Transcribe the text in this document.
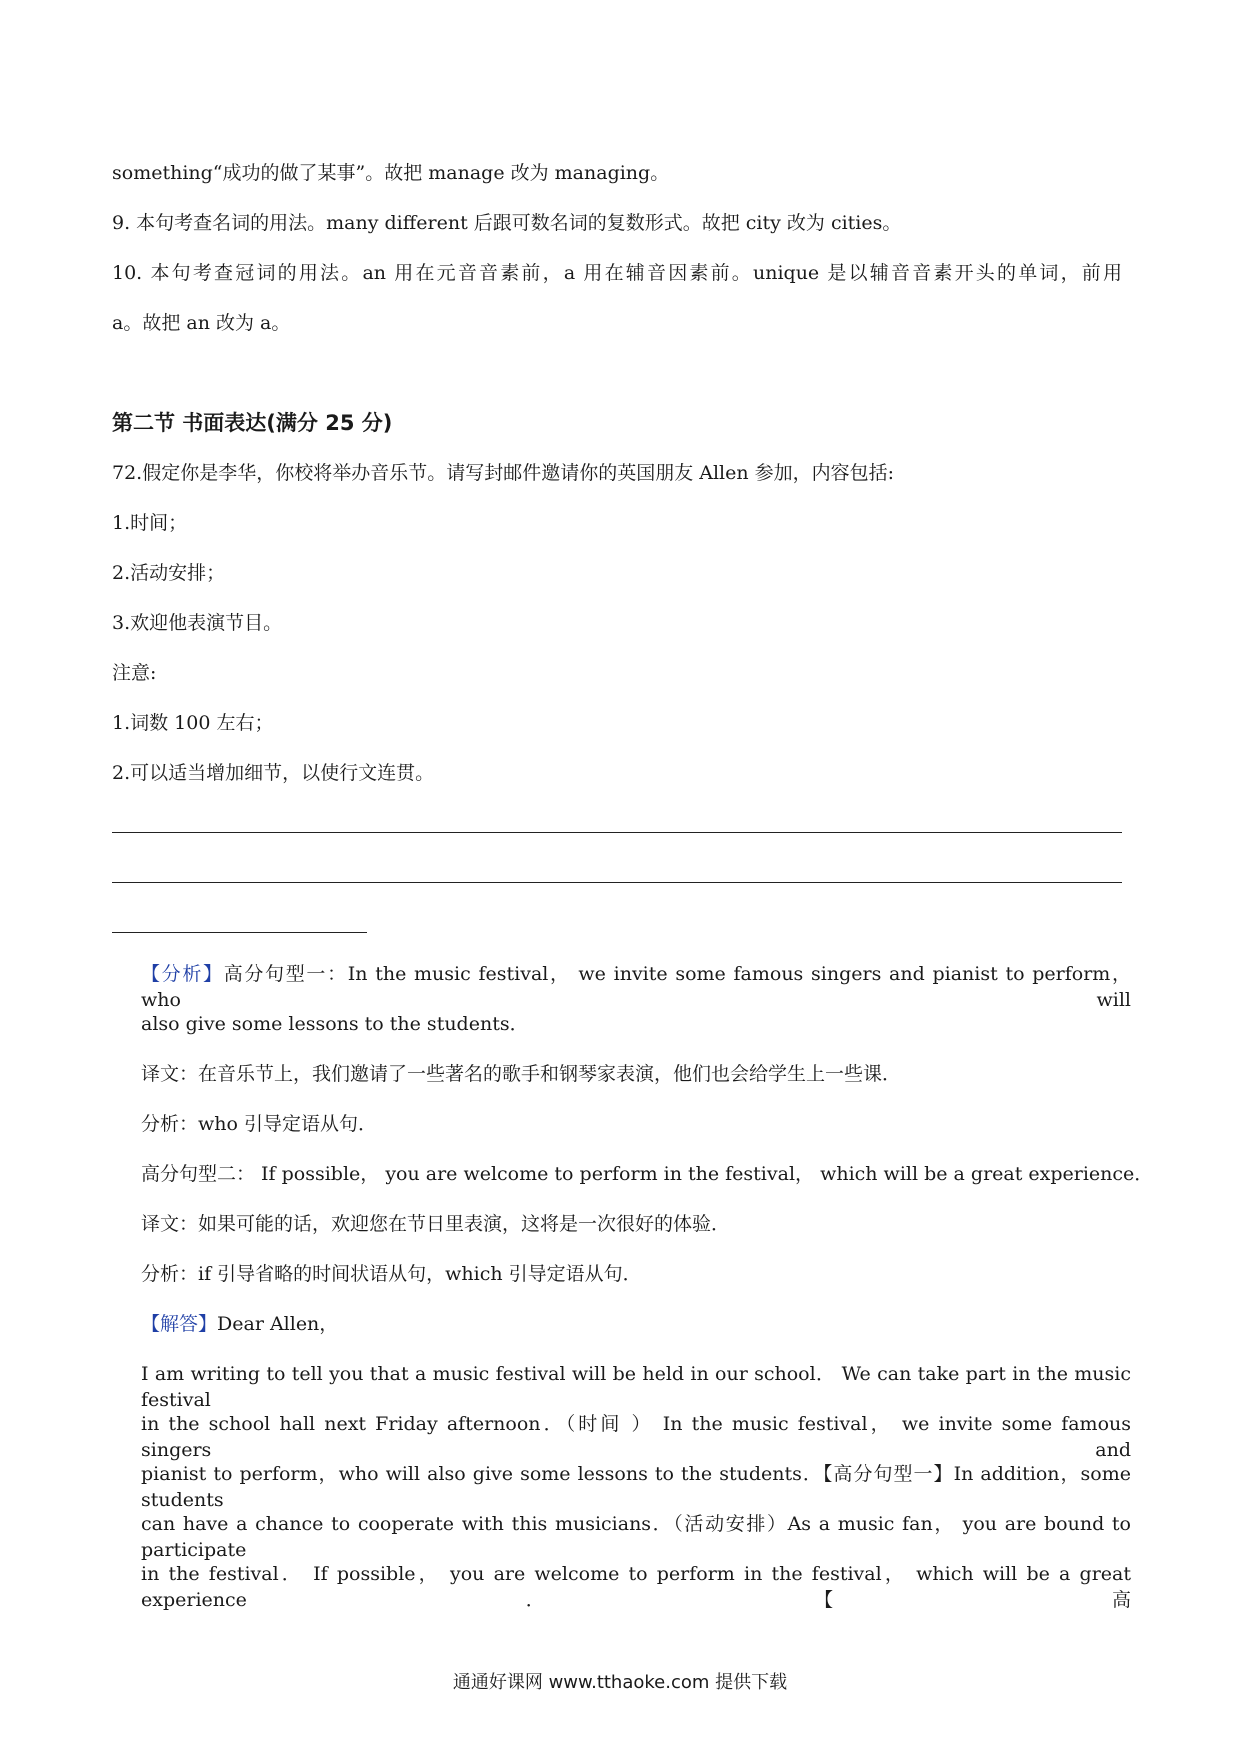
something“成功的做了某事”。故把 manage 改为 managing。
9. 本句考查名词的用法。many different 后跟可数名词的复数形式。故把 city 改为 cities。
10. 本句考查冠词的用法。an 用在元音音素前，a 用在辅音因素前。unique 是以辅音音素开头的单词，前用
a。故把 an 改为 a。
第二节 书面表达(满分 25 分)
72.假定你是李华，你校将举办音乐节。请写封邮件邀请你的英国朋友 Allen 参加，内容包括:
1.时间；
2.活动安排；
3.欢迎他表演节目。
注意:
1.词数 100 左右；
2.可以适当增加细节，以使行文连贯。
【分析】高分句型一：In the music festival， we invite some famous singers and pianist to perform， who will
also give some lessons to the students．
译文：在音乐节上，我们邀请了一些著名的歌手和钢琴家表演，他们也会给学生上一些课．
分析：who 引导定语从句．
高分句型二： If possible， you are welcome to perform in the festival， which will be a great experience．
译文：如果可能的话，欢迎您在节日里表演，这将是一次很好的体验．
分析：if 引导省略的时间状语从句，which 引导定语从句．
【解答】Dear Allen，
I am writing to tell you that a music festival will be held in our school． We can take part in the music festival
in the school hall next Friday afternoon．（时间 ） In the music festival， we invite some famous singers and
pianist to perform，who will also give some lessons to the students．【高分句型一】In addition，some students
can have a chance to cooperate with this musicians．（活动安排）As a music fan， you are bound to participate
in the festival． If possible， you are welcome to perform in the festival， which will be a great experience．【高
通通好课网 www.tthaoke.com 提供下载
